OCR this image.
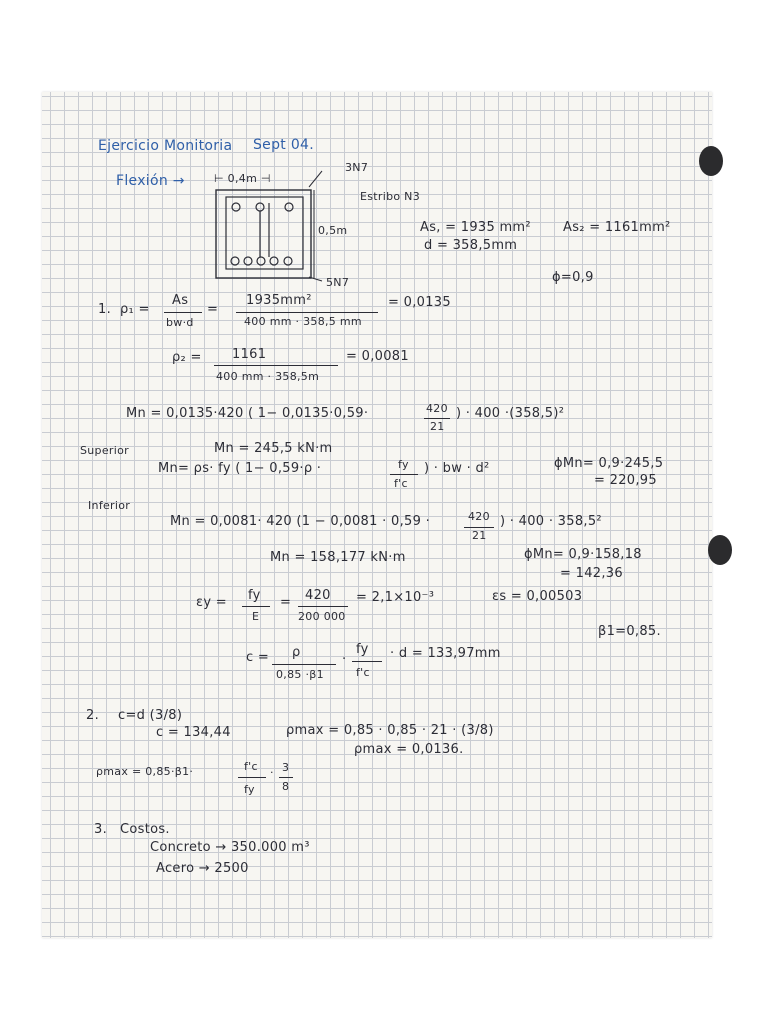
Ejercicio Monitoria Sept 04.
Flexión →	⊢ 0,4m ⊣
3N7
0,5m
Estribo N3
5N7
As, = 1935 mm²
d = 358,5mm
As₂ = 1161mm²
ɸ=0,9
1. ρ₁ =
As
bw·d
=
1935mm²
400 mm · 358,5 mm
= 0,0135
ρ₂ = 1161
400 mm · 358,5m
= 0,0081
Mn = 0,0135·420 ( 1− 0,0135·0,59·	420
21
) · 400 ·(358,5)²
Superior	Mn = 245,5 kN·m
Mn= ρs· fy ( 1− 0,59·ρ ·	fy
f'c
) · bw · d²	ɸMn= 0,9·245,5
= 220,95
Inferior
Mn = 0,0081· 420 (1 − 0,0081 · 0,59 ·	420
21
) · 400 · 358,5²
Mn = 158,177 kN·m	ɸMn= 0,9·158,18
= 142,36
εy = fy
E
= 420
200 000
= 2,1×10⁻³	εs = 0,00503
β1=0,85.
c = ρ
0,85 ·β1
·
fy
f'c
· d = 133,97mm
2. c=d (3/8)
c = 134,44	ρmax = 0,85 · 0,85 · 21 · (3/8)
ρmax = 0,0136.
ρmax = 0,85·β1·	f'c
fy
· 3
8
3. Costos.
Concreto → 350.000 m³
Acero → 2500
